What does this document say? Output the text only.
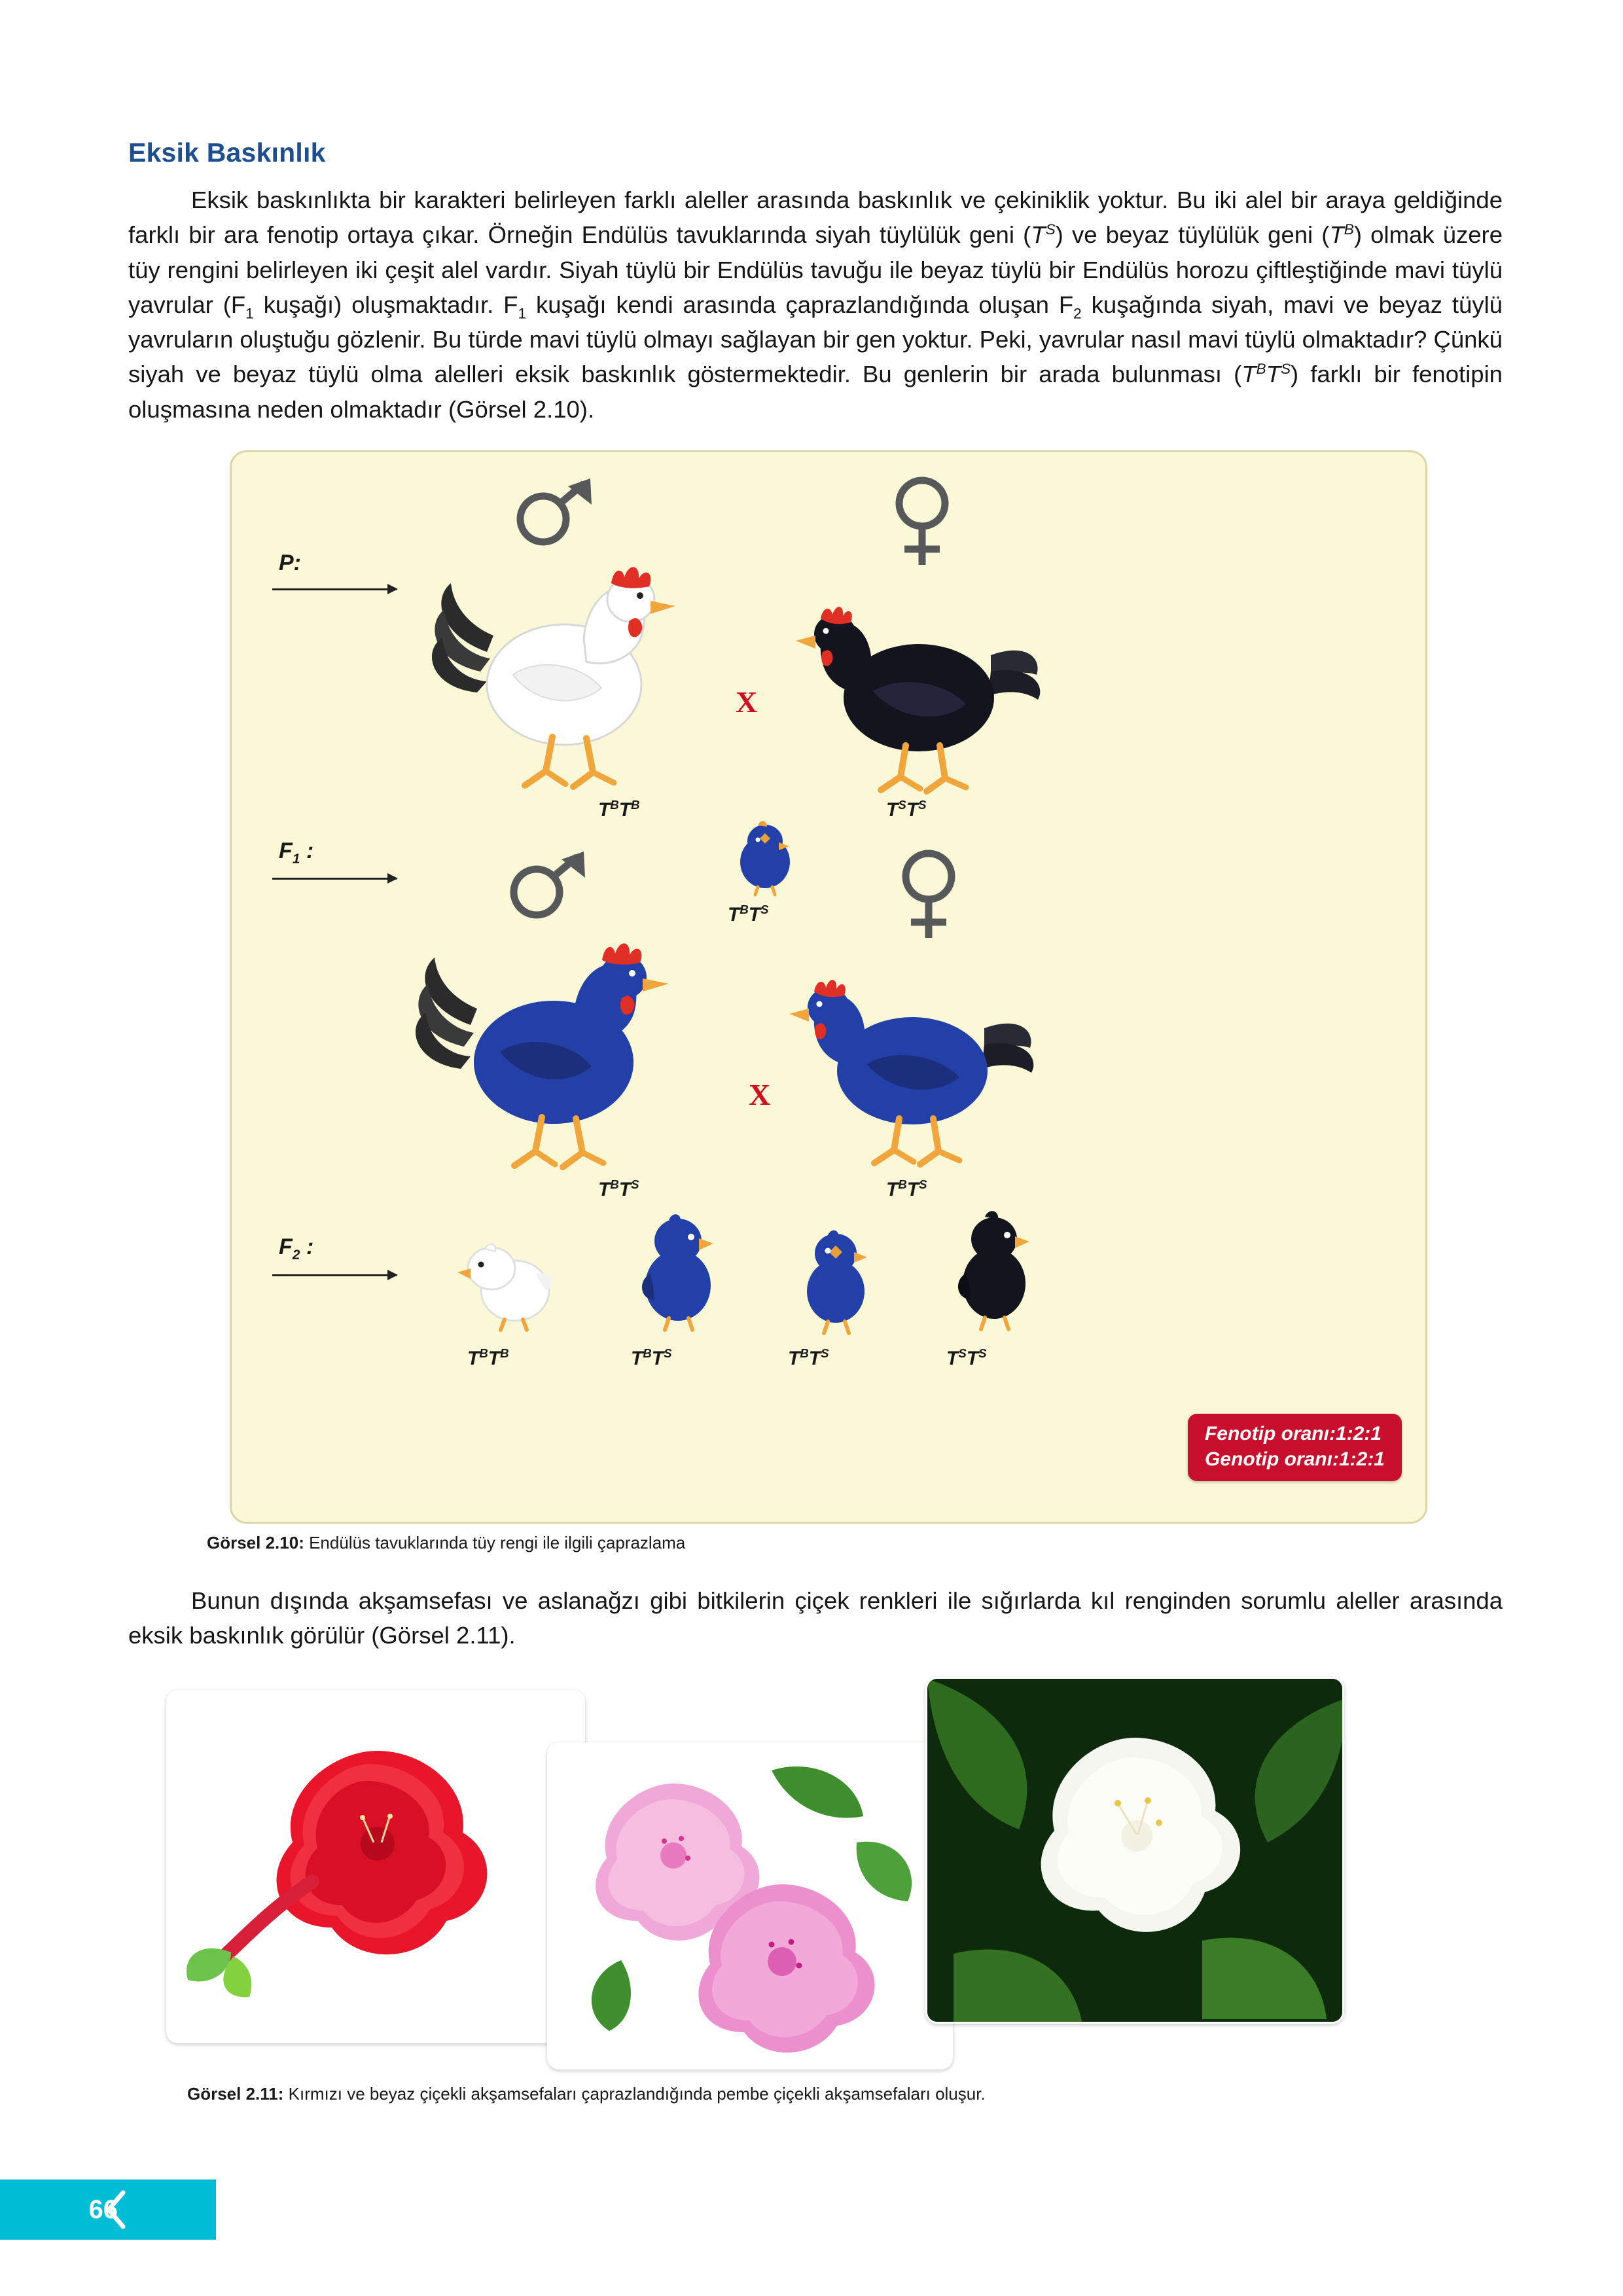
Eksik Baskınlık

Eksik baskınlıkta bir karakteri belirleyen farklı aleller arasında baskınlık ve çekiniklik yoktur. Bu iki alel bir araya geldiğinde farklı bir ara fenotip ortaya çıkar. Örneğin Endülüs tavuklarında siyah tüylülük geni $(T^S)$ ve beyaz tüylülük geni $(T^B)$ olmak üzere tüy rengini belirleyen iki çeşit alel vardır. Siyah tüylü bir Endülüs tavuğu ile beyaz tüylü bir Endülüs horozu çiftleştiğinde mavi tüylü yavrular ($F_1$ kuşağı) oluşmaktadır. $F_1$ kuşağı kendi arasında çaprazlandığında oluşan $F_2$ kuşağında siyah, mavi ve beyaz tüylü yavruların oluştuğu gözlenir. Bu türde mavi tüylü olmayı sağlayan bir gen yoktur. Peki, yavrular nasıl mavi tüylü olmaktadır? Çünkü siyah ve beyaz tüylü olma alelleri eksik baskınlık göstermektedir. Bu genlerin bir arada bulunması $(T^BT^S)$ farklı bir fenotipin oluşmasına neden olmaktadır (Görsel 2.10).

P:
$T^BT^B$
X
$T^ST^S$
$F_1$ :
$T^BT^S$
$T^BT^S$
X
$T^BT^S$
$F_2$ :
$T^BT^B$	$T^BT^S$	$T^BT^S$	$T^ST^S$
Fenotip oranı:1:2:1
Genotip oranı:1:2:1

Görsel 2.10: Endülüs tavuklarında tüy rengi ile ilgili çaprazlama

Bunun dışında akşamsefası ve aslanağzı gibi bitkilerin çiçek renkleri ile sığırlarda kıl renginden sorumlu aleller arasında eksik baskınlık görülür (Görsel 2.11).

Görsel 2.11: Kırmızı ve beyaz çiçekli akşamsefaları çaprazlandığında pembe çiçekli akşamsefaları oluşur.

66
